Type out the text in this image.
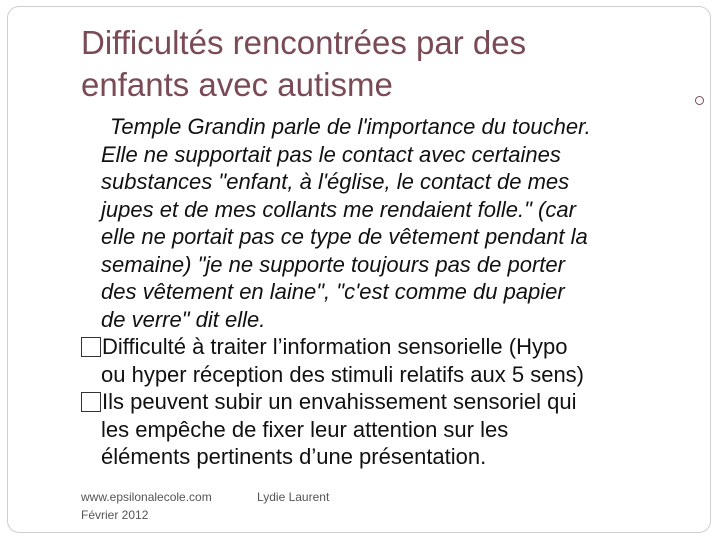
Difficultés rencontrées par des
enfants avec autisme
Temple Grandin parle de l'importance du toucher.
Elle ne supportait pas le contact avec certaines
substances "enfant, à l'église, le contact de mes
jupes et de mes collants me rendaient folle." (car
elle ne portait pas ce type de vêtement pendant la
semaine) "je ne supporte toujours pas de porter
des vêtement en laine", "c'est comme du papier
de verre" dit elle.
Difficulté à traiter l’information sensorielle (Hypo
ou hyper réception des stimuli relatifs aux 5 sens)
Ils peuvent subir un envahissement sensoriel qui
les empêche de fixer leur attention sur les
éléments pertinents d’une présentation.
www.epsilonalecole.com	Lydie Laurent
Février 2012
